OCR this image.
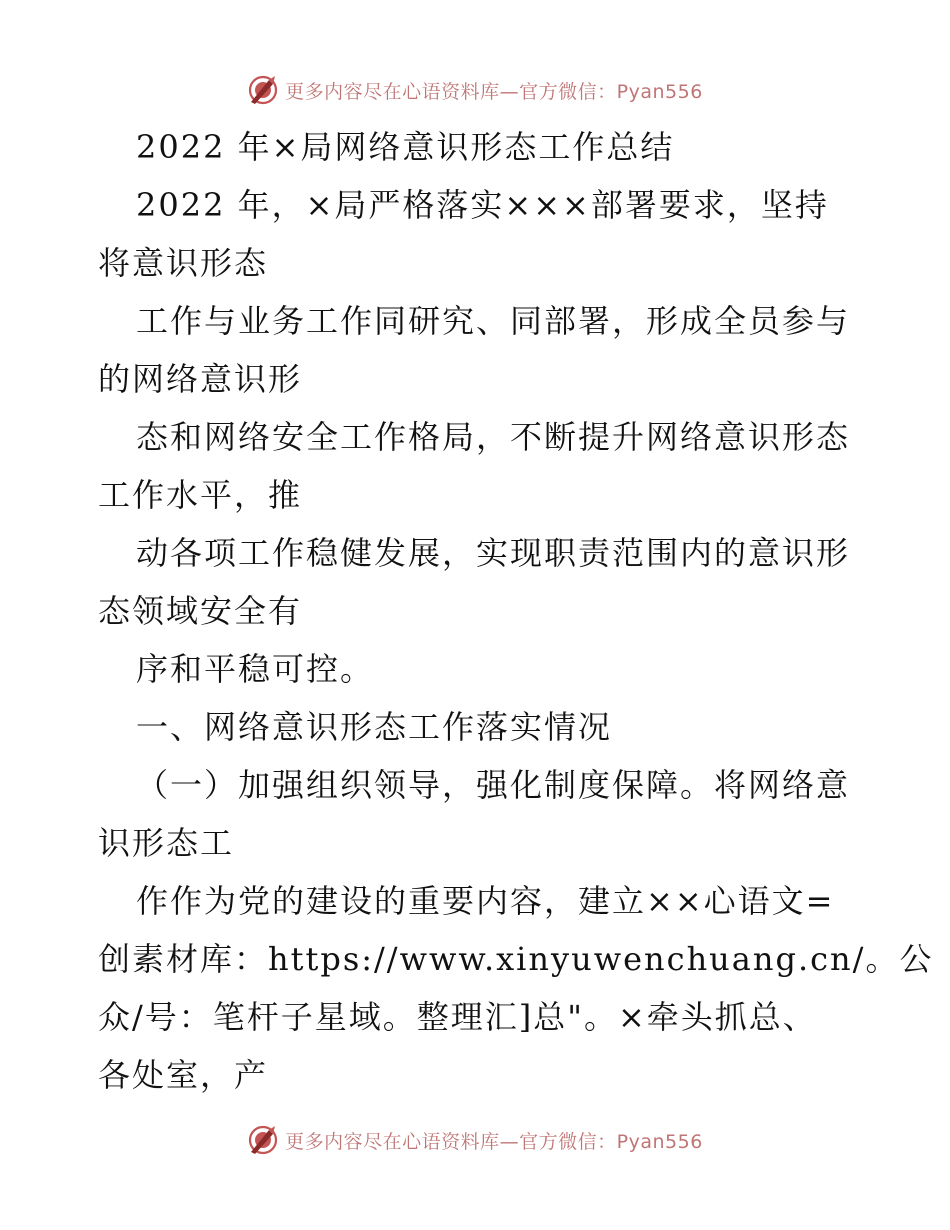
更多内容尽在心语资料库—官方微信：Pyan556
2022 年×局网络意识形态工作总结
2022 年，×局严格落实×××部署要求，坚持
将意识形态
工作与业务工作同研究、同部署，形成全员参与
的网络意识形
态和网络安全工作格局，不断提升网络意识形态
工作水平，推
动各项工作稳健发展，实现职责范围内的意识形
态领域安全有
序和平稳可控。
一、网络意识形态工作落实情况
（一）加强组织领导，强化制度保障。将网络意
识形态工
作作为党的建设的重要内容，建立××心语文=
创素材库：https://www.xinyuwenchuang.cn/。公
众/号：笔杆子星域。整理汇]总"。×牵头抓总、
各处室，产
更多内容尽在心语资料库—官方微信：Pyan556
